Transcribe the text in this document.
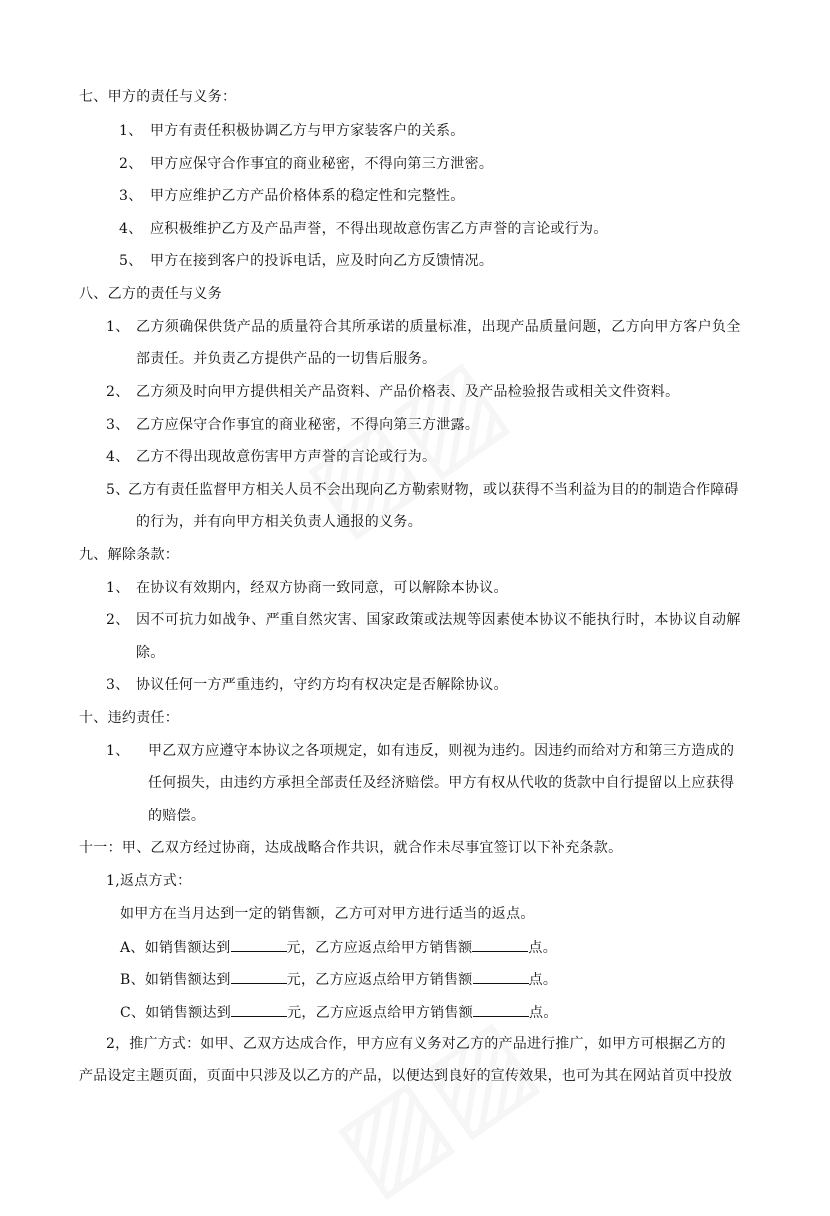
七、甲方的责任与义务：
1、 甲方有责任积极协调乙方与甲方家装客户的关系。
2、 甲方应保守合作事宜的商业秘密，不得向第三方泄密。
3、 甲方应维护乙方产品价格体系的稳定性和完整性。
4、 应积极维护乙方及产品声誉，不得出现故意伤害乙方声誉的言论或行为。
5、 甲方在接到客户的投诉电话，应及时向乙方反馈情况。
八、乙方的责任与义务
1、 乙方须确保供货产品的质量符合其所承诺的质量标准，出现产品质量问题，乙方向甲方客户负全
部责任。并负责乙方提供产品的一切售后服务。
2、 乙方须及时向甲方提供相关产品资料、产品价格表、及产品检验报告或相关文件资料。
3、 乙方应保守合作事宜的商业秘密，不得向第三方泄露。
4、 乙方不得出现故意伤害甲方声誉的言论或行为。
5、
乙方有责任监督甲方相关人员不会出现向乙方勒索财物，或以获得不当利益为目的的制造合作障碍
的行为，并有向甲方相关负责人通报的义务。
九、解除条款：
1、 在协议有效期内，经双方协商一致同意，可以解除本协议。
2、 因不可抗力如战争、严重自然灾害、国家政策或法规等因素使本协议不能执行时，本协议自动解
除。
3、 协议任何一方严重违约，守约方均有权决定是否解除协议。
十、违约责任：
1、 甲乙双方应遵守本协议之各项规定，如有违反，则视为违约。因违约而给对方和第三方造成的
任何损失，由违约方承担全部责任及经济赔偿。甲方有权从代收的货款中自行提留以上应获得
的赔偿。
十一：甲、乙双方经过协商，达成战略合作共识，就合作未尽事宜签订以下补充条款。
1,返点方式：
如甲方在当月达到一定的销售额，乙方可对甲方进行适当的返点。
A、如销售额达到	元，乙方应返点给甲方销售额	点。
B、如销售额达到	元，乙方应返点给甲方销售额	点。
C、如销售额达到	元，乙方应返点给甲方销售额	点。
2，推广方式：如甲、乙双方达成合作，甲方应有义务对乙方的产品进行推广，如甲方可根据乙方的
产品设定主题页面，页面中只涉及以乙方的产品，以便达到良好的宣传效果，也可为其在网站首页中投放
